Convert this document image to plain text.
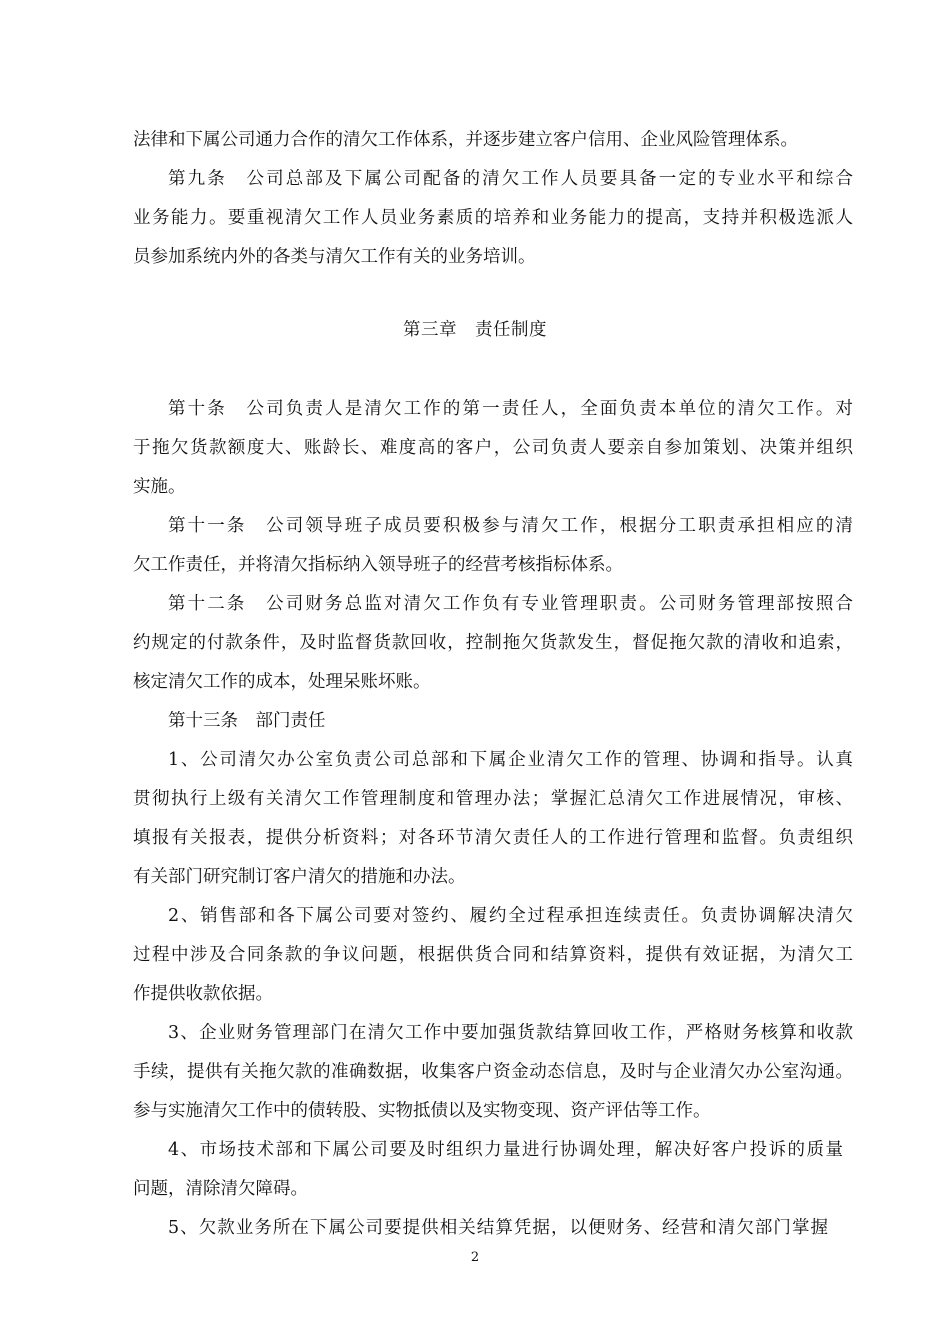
法律和下属公司通力合作的清欠工作体系，并逐步建立客户信用、企业风险管理体系。
第九条　公司总部及下属公司配备的清欠工作人员要具备一定的专业水平和综合
业务能力。要重视清欠工作人员业务素质的培养和业务能力的提高，支持并积极选派人
员参加系统内外的各类与清欠工作有关的业务培训。
第三章　责任制度
第十条　公司负责人是清欠工作的第一责任人，全面负责本单位的清欠工作。对
于拖欠货款额度大、账龄长、难度高的客户，公司负责人要亲自参加策划、决策并组织
实施。
第十一条　公司领导班子成员要积极参与清欠工作，根据分工职责承担相应的清
欠工作责任，并将清欠指标纳入领导班子的经营考核指标体系。
第十二条　公司财务总监对清欠工作负有专业管理职责。公司财务管理部按照合
约规定的付款条件，及时监督货款回收，控制拖欠货款发生，督促拖欠款的清收和追索，
核定清欠工作的成本，处理呆账坏账。
第十三条　部门责任
1、公司清欠办公室负责公司总部和下属企业清欠工作的管理、协调和指导。认真
贯彻执行上级有关清欠工作管理制度和管理办法；掌握汇总清欠工作进展情况，审核、
填报有关报表，提供分析资料；对各环节清欠责任人的工作进行管理和监督。负责组织
有关部门研究制订客户清欠的措施和办法。
2、销售部和各下属公司要对签约、履约全过程承担连续责任。负责协调解决清欠
过程中涉及合同条款的争议问题，根据供货合同和结算资料，提供有效证据，为清欠工
作提供收款依据。
3、企业财务管理部门在清欠工作中要加强货款结算回收工作，严格财务核算和收款
手续，提供有关拖欠款的准确数据，收集客户资金动态信息，及时与企业清欠办公室沟通。
参与实施清欠工作中的债转股、实物抵债以及实物变现、资产评估等工作。
4、市场技术部和下属公司要及时组织力量进行协调处理，解决好客户投诉的质量
问题，清除清欠障碍。
5、欠款业务所在下属公司要提供相关结算凭据，以便财务、经营和清欠部门掌握
2
